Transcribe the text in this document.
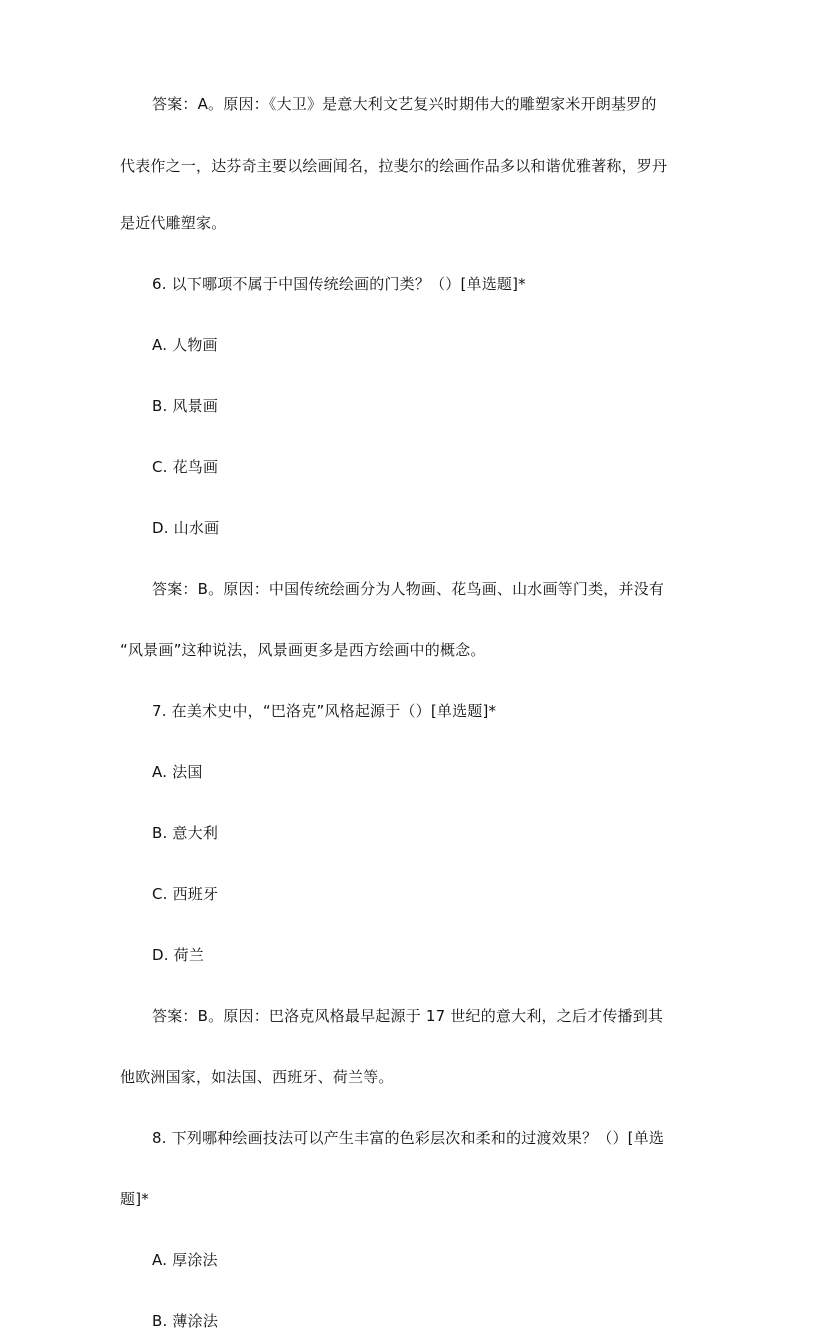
答案：A。原因：《大卫》是意大利文艺复兴时期伟大的雕塑家米开朗基罗的

代表作之一，达芬奇主要以绘画闻名，拉斐尔的绘画作品多以和谐优雅著称，罗丹

是近代雕塑家。

6. 以下哪项不属于中国传统绘画的门类？（）[单选题]*

A. 人物画

B. 风景画

C. 花鸟画

D. 山水画

答案：B。原因：中国传统绘画分为人物画、花鸟画、山水画等门类，并没有

“风景画”这种说法，风景画更多是西方绘画中的概念。

7. 在美术史中，“巴洛克”风格起源于（）[单选题]*

A. 法国

B. 意大利

C. 西班牙

D. 荷兰

答案：B。原因：巴洛克风格最早起源于 17 世纪的意大利，之后才传播到其

他欧洲国家，如法国、西班牙、荷兰等。

8. 下列哪种绘画技法可以产生丰富的色彩层次和柔和的过渡效果？（）[单选

题]*

A. 厚涂法

B. 薄涂法
